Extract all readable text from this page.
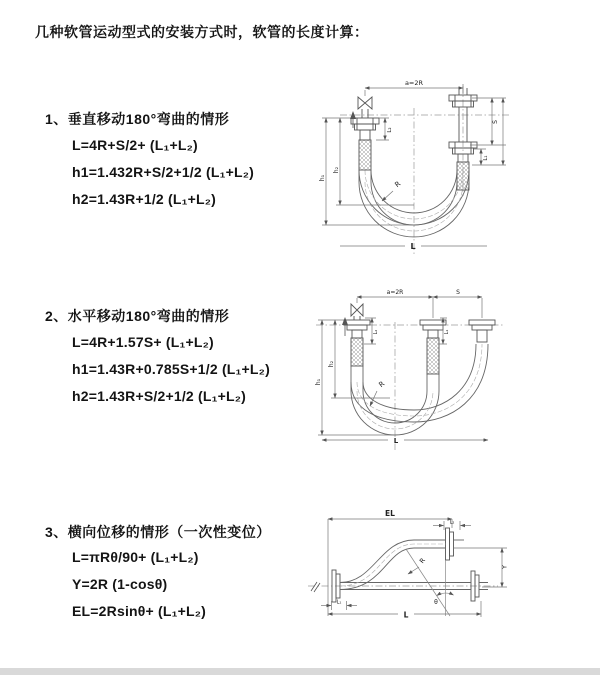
几种软管运动型式的安装方式时，软管的长度计算：
1、垂直移动180°弯曲的情形
L=4R+S/2+ (L₁+L₂)
h1=1.432R+S/2+1/2 (L₁+L₂)
h2=1.43R+1/2 (L₁+L₂)
2、水平移动180°弯曲的情形
L=4R+1.57S+ (L₁+L₂)
h1=1.43R+0.785S+1/2 (L₁+L₂)
h2=1.43R+S/2+1/2 (L₁+L₂)
3、横向位移的情形（一次性变位）
L=πRθ/90+ (L₁+L₂)
Y=2R (1-cosθ)
EL=2Rsinθ+ (L₁+L₂)
a=2R
S
L₁
L₂
h₂
h₁
R
L
a=2R	S
L₂	L₁
h₂
h₁	R
L
EL
L₂
Y
R
θ
L
L₁
